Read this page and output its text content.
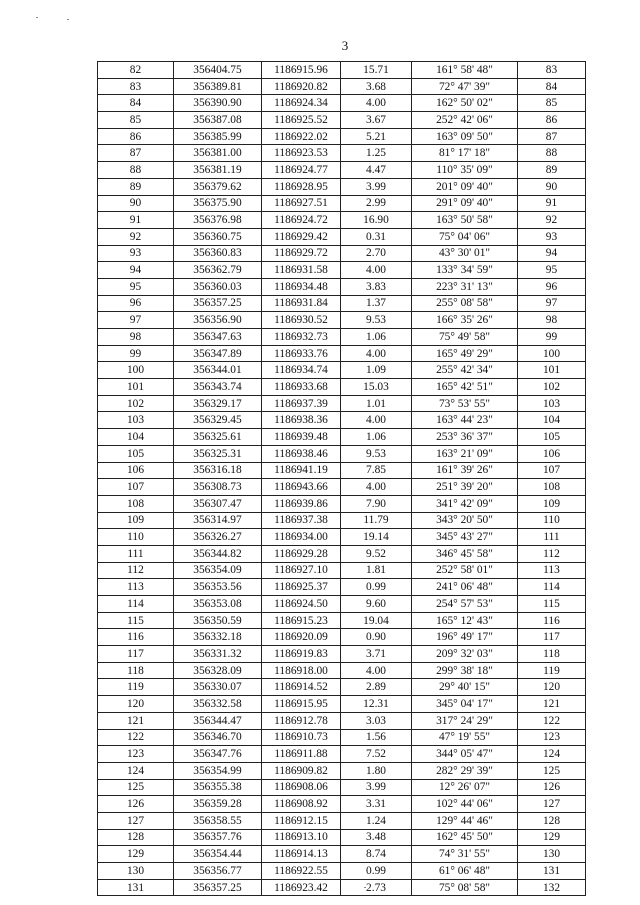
3
82	356404.75	1186915.96	15.71	161° 58' 48"	83
83	356389.81	1186920.82	3.68	72° 47' 39"	84
84	356390.90	1186924.34	4.00	162° 50' 02"	85
85	356387.08	1186925.52	3.67	252° 42' 06"	86
86	356385.99	1186922.02	5.21	163° 09' 50"	87
87	356381.00	1186923.53	1.25	81° 17' 18"	88
88	356381.19	1186924.77	4.47	110° 35' 09"	89
89	356379.62	1186928.95	3.99	201° 09' 40"	90
90	356375.90	1186927.51	2.99	291° 09' 40"	91
91	356376.98	1186924.72	16.90	163° 50' 58"	92
92	356360.75	1186929.42	0.31	75° 04' 06"	93
93	356360.83	1186929.72	2.70	43° 30' 01"	94
94	356362.79	1186931.58	4.00	133° 34' 59"	95
95	356360.03	1186934.48	3.83	223° 31' 13"	96
96	356357.25	1186931.84	1.37	255° 08' 58"	97
97	356356.90	1186930.52	9.53	166° 35' 26"	98
98	356347.63	1186932.73	1.06	75° 49' 58"	99
99	356347.89	1186933.76	4.00	165° 49' 29"	100
100	356344.01	1186934.74	1.09	255° 42' 34"	101
101	356343.74	1186933.68	15.03	165° 42' 51"	102
102	356329.17	1186937.39	1.01	73° 53' 55"	103
103	356329.45	1186938.36	4.00	163° 44' 23"	104
104	356325.61	1186939.48	1.06	253° 36' 37"	105
105	356325.31	1186938.46	9.53	163° 21' 09"	106
106	356316.18	1186941.19	7.85	161° 39' 26"	107
107	356308.73	1186943.66	4.00	251° 39' 20"	108
108	356307.47	1186939.86	7.90	341° 42' 09"	109
109	356314.97	1186937.38	11.79	343° 20' 50"	110
110	356326.27	1186934.00	19.14	345° 43' 27"	111
111	356344.82	1186929.28	9.52	346° 45' 58"	112
112	356354.09	1186927.10	1.81	252° 58' 01"	113
113	356353.56	1186925.37	0.99	241° 06' 48"	114
114	356353.08	1186924.50	9.60	254° 57' 53"	115
115	356350.59	1186915.23	19.04	165° 12' 43"	116
116	356332.18	1186920.09	0.90	196° 49' 17"	117
117	356331.32	1186919.83	3.71	209° 32' 03"	118
118	356328.09	1186918.00	4.00	299° 38' 18"	119
119	356330.07	1186914.52	2.89	29° 40' 15"	120
120	356332.58	1186915.95	12.31	345° 04' 17"	121
121	356344.47	1186912.78	3.03	317° 24' 29"	122
122	356346.70	1186910.73	1.56	47° 19' 55"	123
123	356347.76	1186911.88	7.52	344° 05' 47"	124
124	356354.99	1186909.82	1.80	282° 29' 39"	125
125	356355.38	1186908.06	3.99	12° 26' 07"	126
126	356359.28	1186908.92	3.31	102° 44' 06"	127
127	356358.55	1186912.15	1.24	129° 44' 46"	128
128	356357.76	1186913.10	3.48	162° 45' 50"	129
129	356354.44	1186914.13	8.74	74° 31' 55"	130
130	356356.77	1186922.55	0.99	61° 06' 48"	131
131	356357.25	1186923.42	2.73	75° 08' 58"	132
